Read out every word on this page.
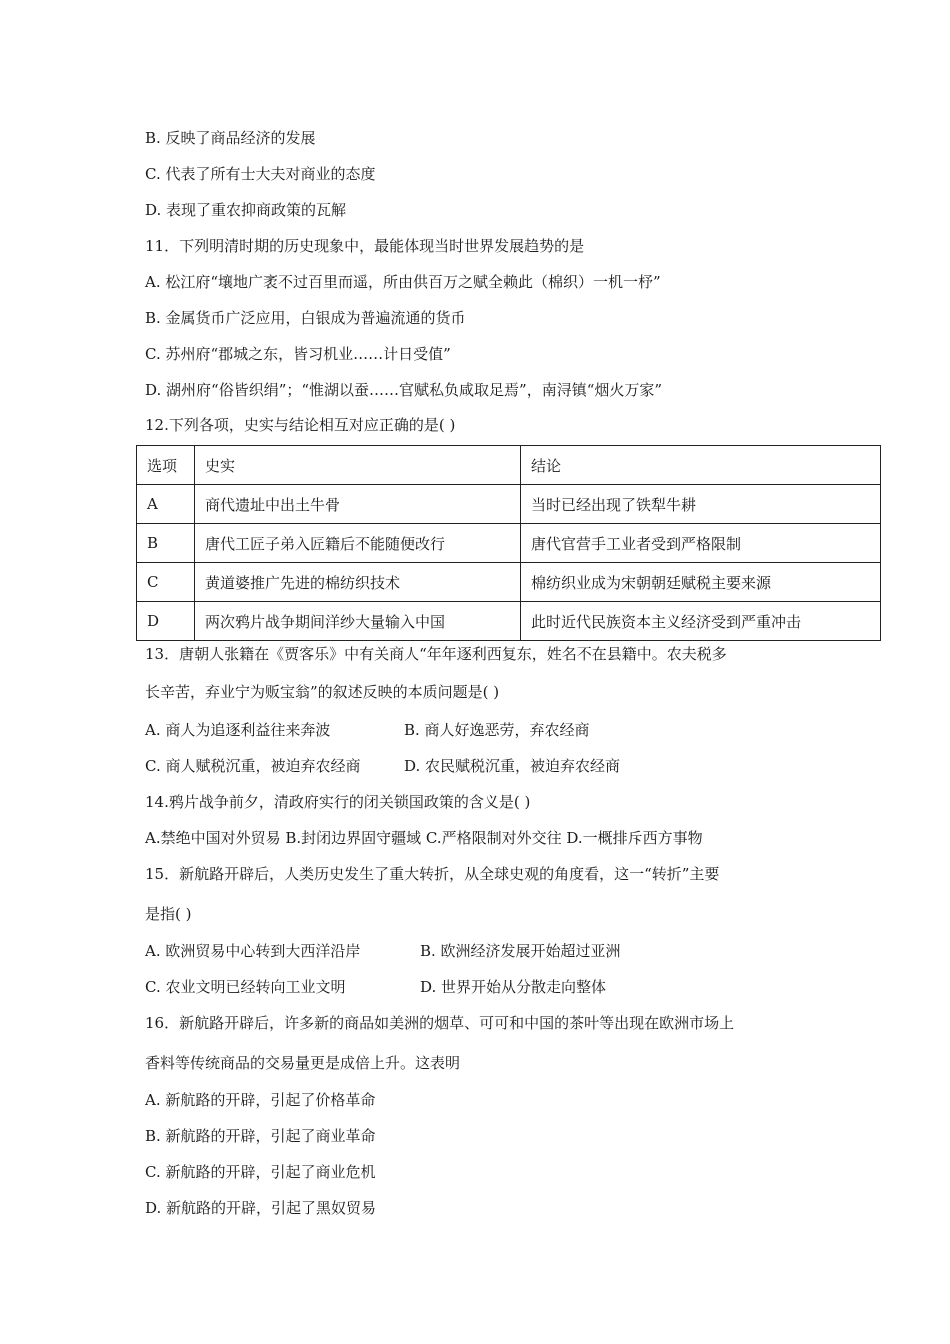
B. 反映了商品经济的发展
C. 代表了所有士大夫对商业的态度
D. 表现了重农抑商政策的瓦解
11．下列明清时期的历史现象中，最能体现当时世界发展趋势的是
A. 松江府“壤地广袤不过百里而遥，所由供百万之赋全赖此（棉织）一机一杼”
B. 金属货币广泛应用，白银成为普遍流通的货币
C. 苏州府“郡城之东，皆习机业……计日受值”
D. 湖州府“俗皆织绢”；“惟湖以蚕……官赋私负咸取足焉”，南浔镇“烟火万家”
12.下列各项，史实与结论相互对应正确的是( )
选项	史实	结论
A	商代遗址中出土牛骨	当时已经出现了铁犁牛耕
B	唐代工匠子弟入匠籍后不能随便改行	唐代官营手工业者受到严格限制
C	黄道婆推广先进的棉纺织技术	棉纺织业成为宋朝朝廷赋税主要来源
D	两次鸦片战争期间洋纱大量输入中国	此时近代民族资本主义经济受到严重冲击
13．唐朝人张籍在《贾客乐》中有关商人“年年逐利西复东，姓名不在县籍中。农夫税多
长辛苦，弃业宁为贩宝翁”的叙述反映的本质问题是( )
A. 商人为追逐利益往来奔波	B. 商人好逸恶劳，弃农经商
C. 商人赋税沉重，被迫弃农经商	D. 农民赋税沉重，被迫弃农经商
14.鸦片战争前夕，清政府实行的闭关锁国政策的含义是( )
A.禁绝中国对外贸易 B.封闭边界固守疆域 C.严格限制对外交往 D.一概排斥西方事物
15．新航路开辟后，人类历史发生了重大转折，从全球史观的角度看，这一“转折”主要
是指( )
A. 欧洲贸易中心转到大西洋沿岸	B. 欧洲经济发展开始超过亚洲
C. 农业文明已经转向工业文明	D. 世界开始从分散走向整体
16．新航路开辟后，许多新的商品如美洲的烟草、可可和中国的茶叶等出现在欧洲市场上
香料等传统商品的交易量更是成倍上升。这表明
A. 新航路的开辟，引起了价格革命
B. 新航路的开辟，引起了商业革命
C. 新航路的开辟，引起了商业危机
D. 新航路的开辟，引起了黑奴贸易
